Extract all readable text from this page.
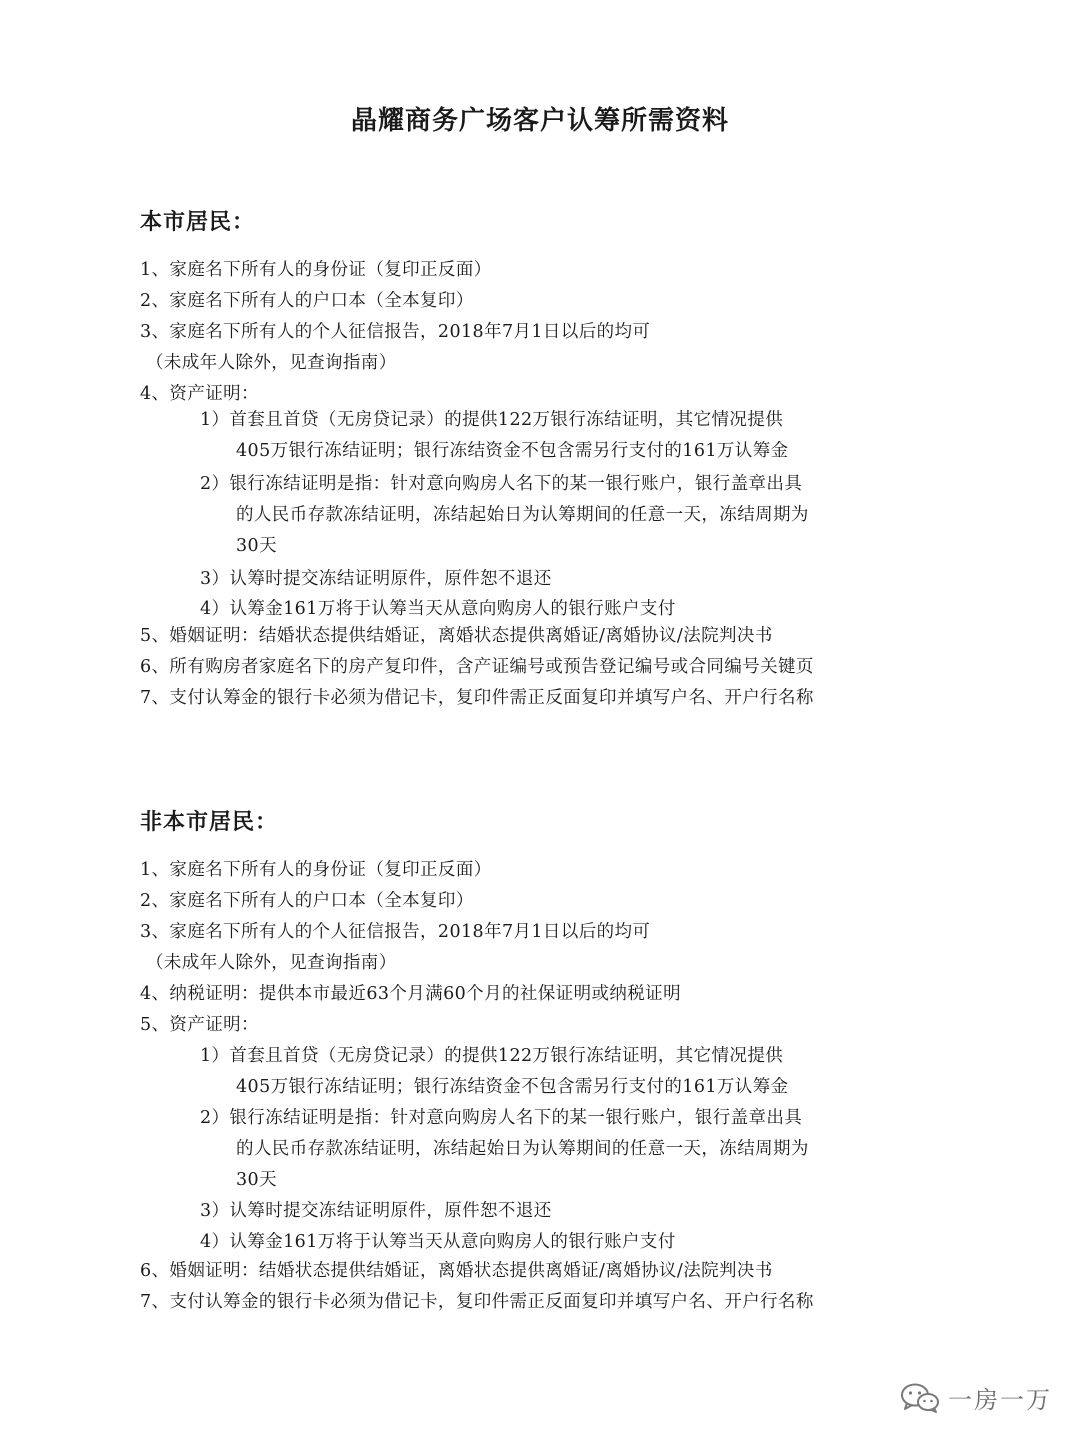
晶耀商务广场客户认筹所需资料
本市居民：
1、家庭名下所有人的身份证（复印正反面）
2、家庭名下所有人的户口本（全本复印）
3、家庭名下所有人的个人征信报告，2018年7月1日以后的均可
（未成年人除外，见查询指南）
4、资产证明：
1）首套且首贷（无房贷记录）的提供122万银行冻结证明，其它情况提供
405万银行冻结证明；银行冻结资金不包含需另行支付的161万认筹金
2）银行冻结证明是指：针对意向购房人名下的某一银行账户，银行盖章出具
的人民币存款冻结证明，冻结起始日为认筹期间的任意一天，冻结周期为
30天
3）认筹时提交冻结证明原件，原件恕不退还
4）认筹金161万将于认筹当天从意向购房人的银行账户支付
5、婚姻证明：结婚状态提供结婚证，离婚状态提供离婚证/离婚协议/法院判决书
6、所有购房者家庭名下的房产复印件，含产证编号或预告登记编号或合同编号关键页
7、支付认筹金的银行卡必须为借记卡，复印件需正反面复印并填写户名、开户行名称
非本市居民：
1、家庭名下所有人的身份证（复印正反面）
2、家庭名下所有人的户口本（全本复印）
3、家庭名下所有人的个人征信报告，2018年7月1日以后的均可
（未成年人除外，见查询指南）
4、纳税证明：提供本市最近63个月满60个月的社保证明或纳税证明
5、资产证明：
1）首套且首贷（无房贷记录）的提供122万银行冻结证明，其它情况提供
405万银行冻结证明；银行冻结资金不包含需另行支付的161万认筹金
2）银行冻结证明是指：针对意向购房人名下的某一银行账户，银行盖章出具
的人民币存款冻结证明，冻结起始日为认筹期间的任意一天，冻结周期为
30天
3）认筹时提交冻结证明原件，原件恕不退还
4）认筹金161万将于认筹当天从意向购房人的银行账户支付
6、婚姻证明：结婚状态提供结婚证，离婚状态提供离婚证/离婚协议/法院判决书
7、支付认筹金的银行卡必须为借记卡，复印件需正反面复印并填写户名、开户行名称
一房一万
